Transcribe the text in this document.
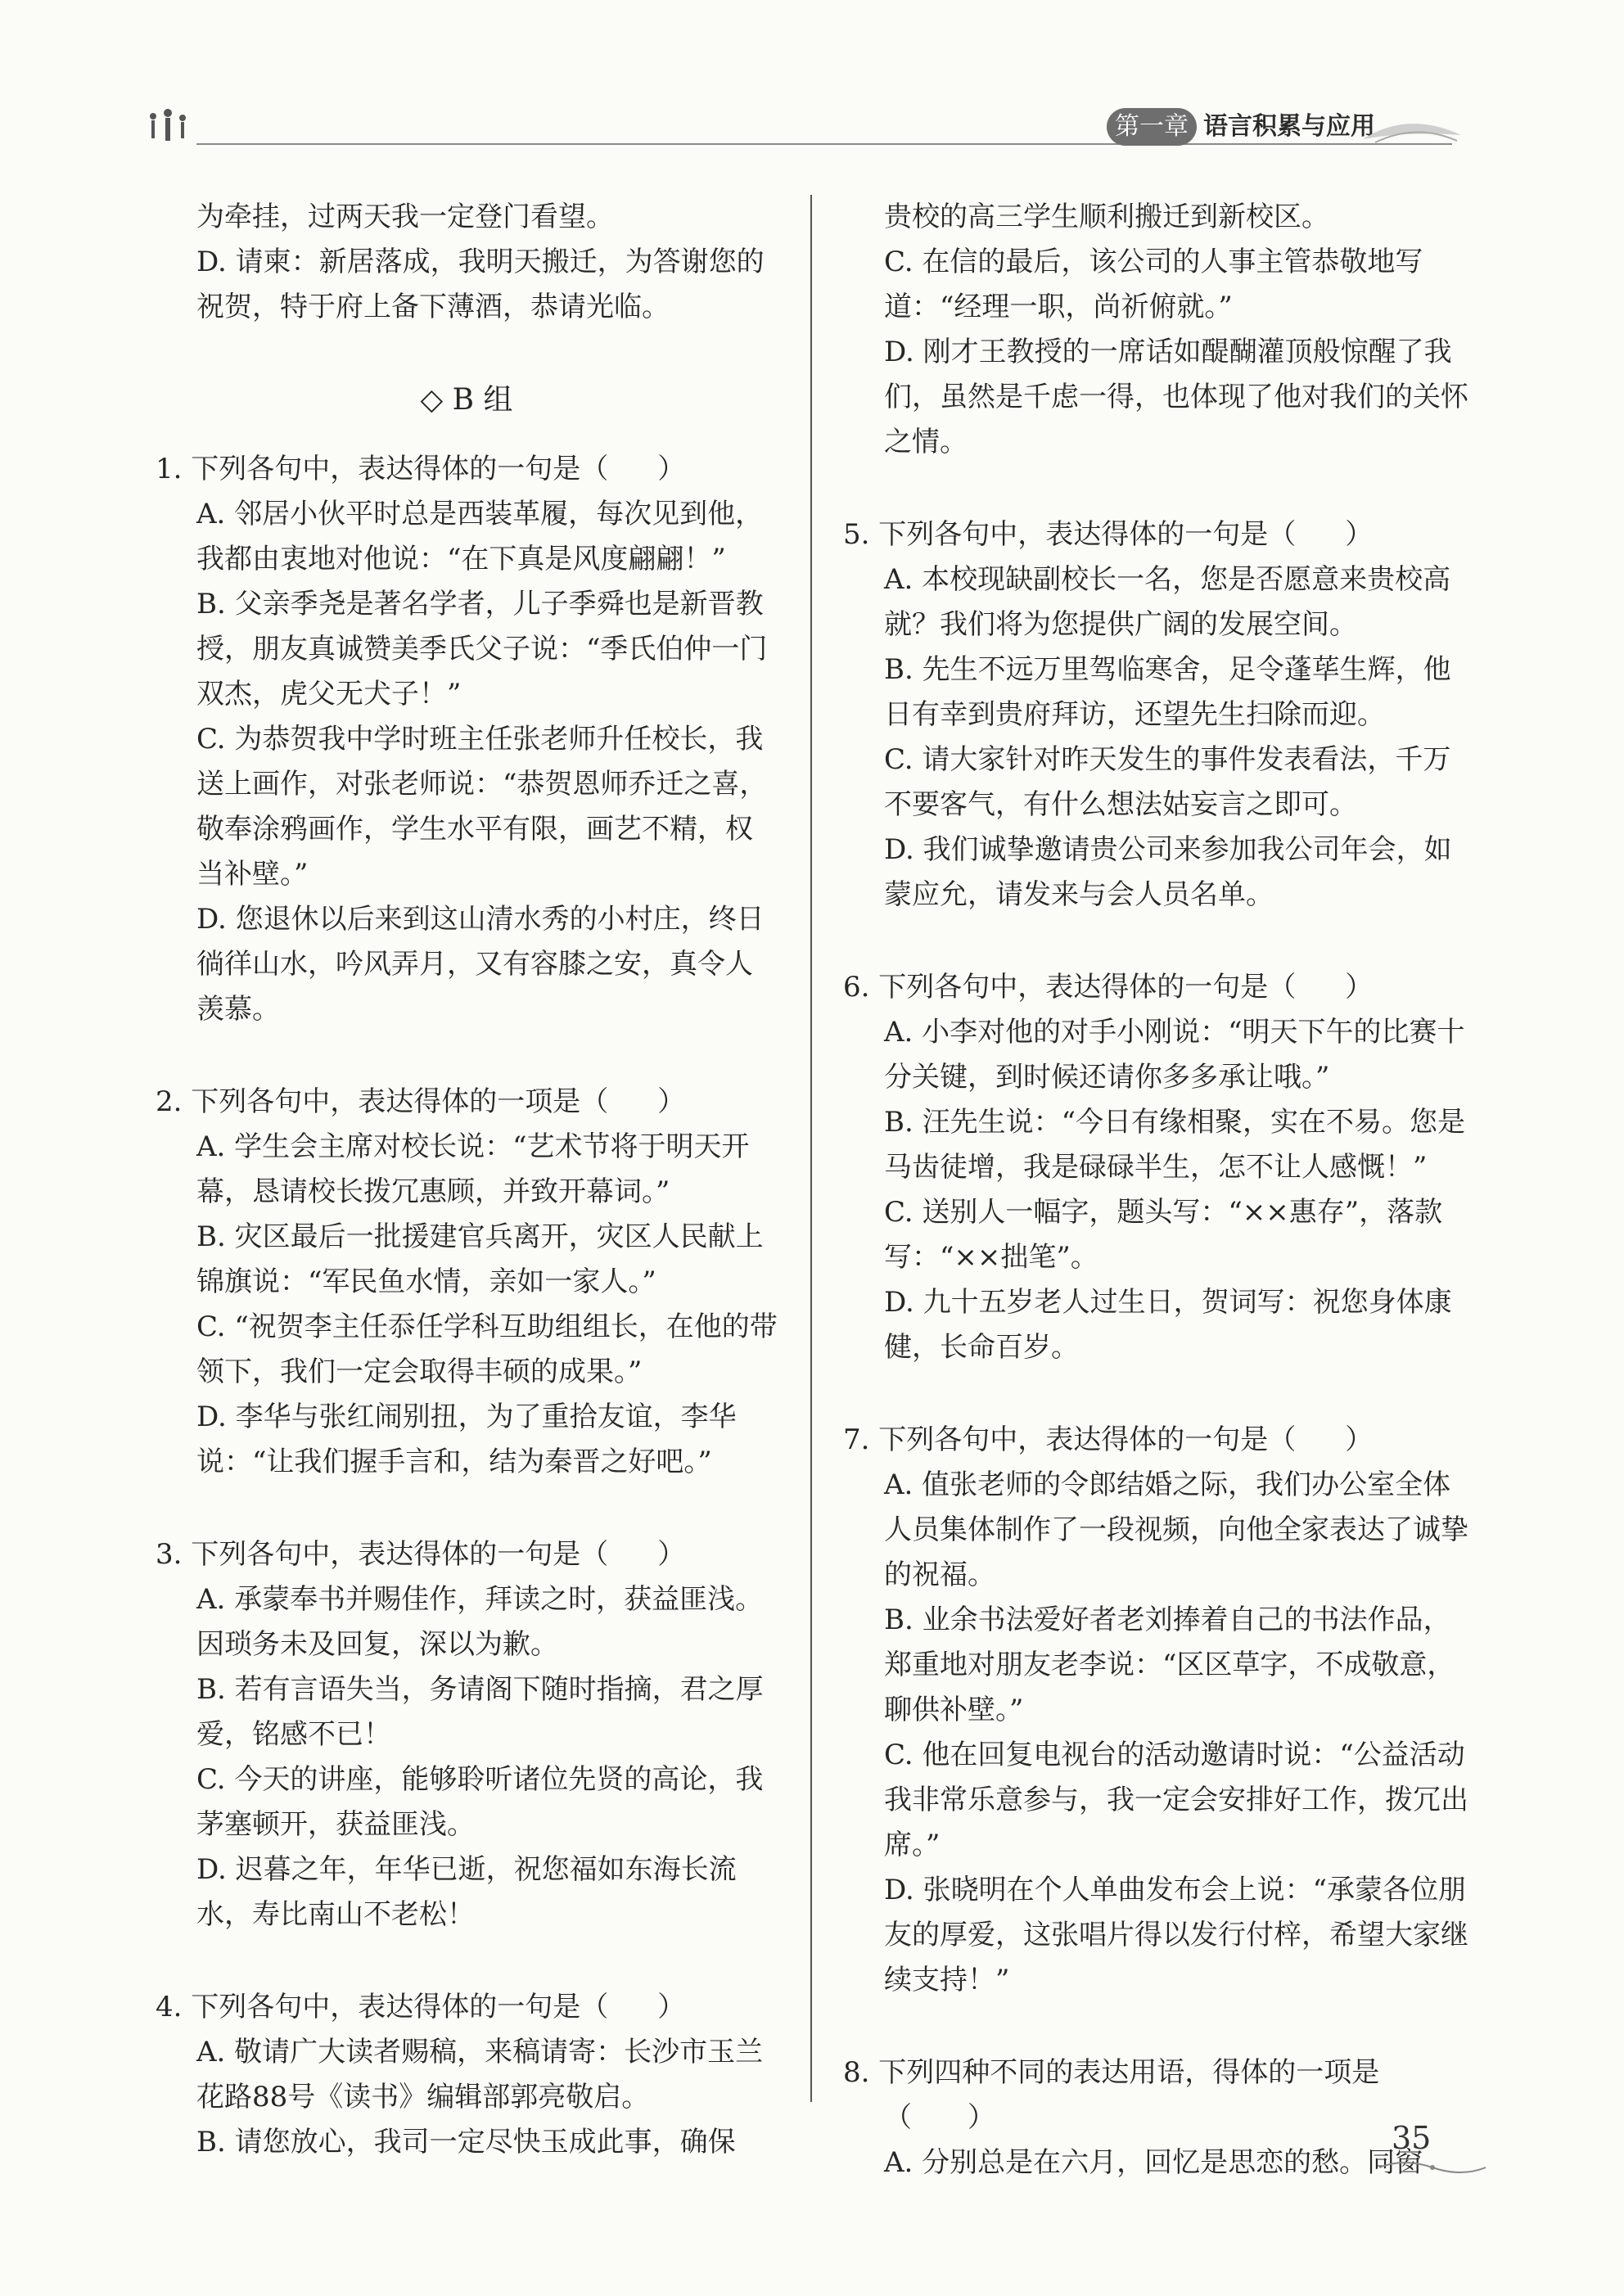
第一章 语言积累与应用

为牵挂，过两天我一定登门看望。

D. 请柬：新居落成，我明天搬迁，为答谢您的祝贺，特于府上备下薄酒，恭请光临。

◇ B 组

1. 下列各句中，表达得体的一句是（ ）

A. 邻居小伙平时总是西装革履，每次见到他，我都由衷地对他说：“在下真是风度翩翩！”

B. 父亲季尧是著名学者，儿子季舜也是新晋教授，朋友真诚赞美季氏父子说：“季氏伯仲一门双杰，虎父无犬子！”

C. 为恭贺我中学时班主任张老师升任校长，我送上画作，对张老师说：“恭贺恩师乔迁之喜，敬奉涂鸦画作，学生水平有限，画艺不精，权当补壁。”

D. 您退休以后来到这山清水秀的小村庄，终日徜徉山水，吟风弄月，又有容膝之安，真令人羡慕。

2. 下列各句中，表达得体的一项是（ ）

A. 学生会主席对校长说：“艺术节将于明天开幕，恳请校长拨冗惠顾，并致开幕词。”

B. 灾区最后一批援建官兵离开，灾区人民献上锦旗说：“军民鱼水情，亲如一家人。”

C. “祝贺李主任忝任学科互助组组长，在他的带领下，我们一定会取得丰硕的成果。”

D. 李华与张红闹别扭，为了重拾友谊，李华说：“让我们握手言和，结为秦晋之好吧。”

3. 下列各句中，表达得体的一句是（ ）

A. 承蒙奉书并赐佳作，拜读之时，获益匪浅。因琐务未及回复，深以为歉。

B. 若有言语失当，务请阁下随时指摘，君之厚爱，铭感不已！

C. 今天的讲座，能够聆听诸位先贤的高论，我茅塞顿开，获益匪浅。

D. 迟暮之年，年华已逝，祝您福如东海长流水，寿比南山不老松！

4. 下列各句中，表达得体的一句是（ ）

A. 敬请广大读者赐稿，来稿请寄：长沙市玉兰花路88号《读书》编辑部郭亮敬启。

B. 请您放心，我司一定尽快玉成此事，确保

贵校的高三学生顺利搬迁到新校区。

C. 在信的最后，该公司的人事主管恭敬地写道：“经理一职，尚祈俯就。”

D. 刚才王教授的一席话如醍醐灌顶般惊醒了我们，虽然是千虑一得，也体现了他对我们的关怀之情。

5. 下列各句中，表达得体的一句是（ ）

A. 本校现缺副校长一名，您是否愿意来贵校高就？我们将为您提供广阔的发展空间。

B. 先生不远万里驾临寒舍，足令蓬荜生辉，他日有幸到贵府拜访，还望先生扫除而迎。

C. 请大家针对昨天发生的事件发表看法，千万不要客气，有什么想法姑妄言之即可。

D. 我们诚挚邀请贵公司来参加我公司年会，如蒙应允，请发来与会人员名单。

6. 下列各句中，表达得体的一句是（ ）

A. 小李对他的对手小刚说：“明天下午的比赛十分关键，到时候还请你多多承让哦。”

B. 汪先生说：“今日有缘相聚，实在不易。您是马齿徒增，我是碌碌半生，怎不让人感慨！”

C. 送别人一幅字，题头写：“××惠存”，落款写：“××拙笔”。

D. 九十五岁老人过生日，贺词写：祝您身体康健，长命百岁。

7. 下列各句中，表达得体的一句是（ ）

A. 值张老师的令郎结婚之际，我们办公室全体人员集体制作了一段视频，向他全家表达了诚挚的祝福。

B. 业余书法爱好者老刘捧着自己的书法作品，郑重地对朋友老李说：“区区草字，不成敬意，聊供补壁。”

C. 他在回复电视台的活动邀请时说：“公益活动我非常乐意参与，我一定会安排好工作，拨冗出席。”

D. 张晓明在个人单曲发布会上说：“承蒙各位朋友的厚爱，这张唱片得以发行付梓，希望大家继续支持！”

8. 下列四种不同的表达用语，得体的一项是

（　　）

A. 分别总是在六月，回忆是思恋的愁。同窗

35
